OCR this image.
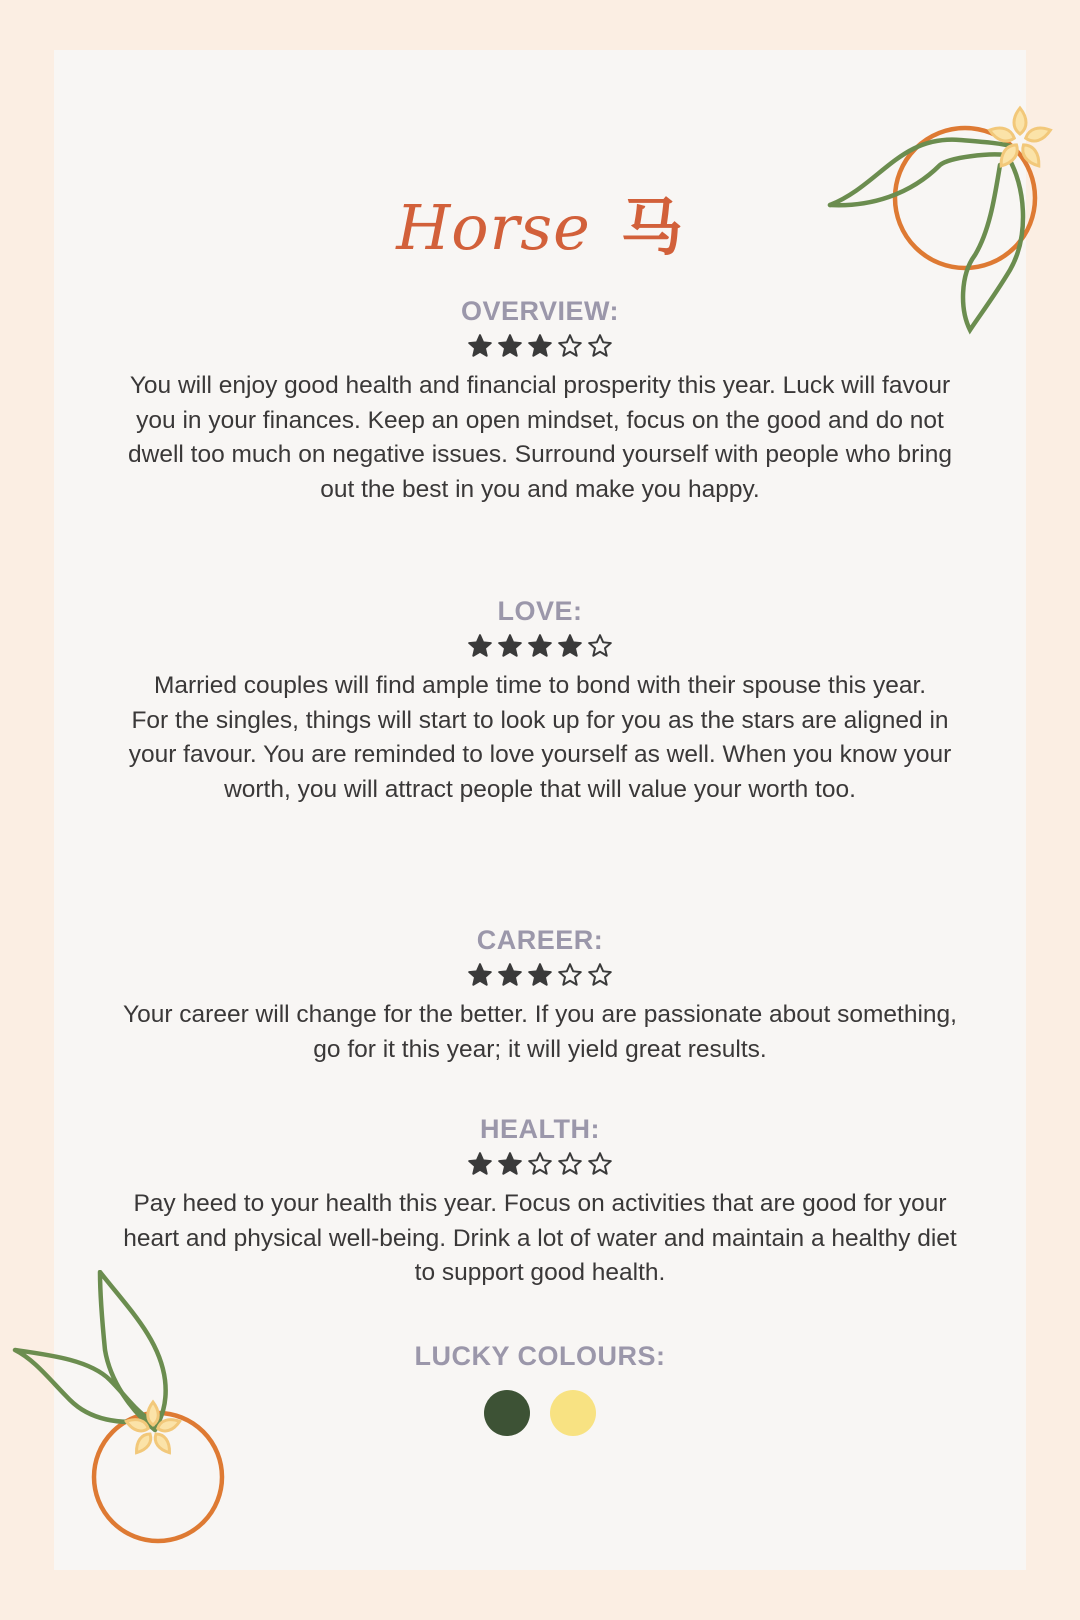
Horse 马
OVERVIEW:

You will enjoy good health and financial prosperity this year. Luck will favour you in your finances. Keep an open mindset, focus on the good and do not dwell too much on negative issues. Surround yourself with people who bring out the best in you and make you happy.

LOVE:

Married couples will find ample time to bond with their spouse this year.

For the singles, things will start to look up for you as the stars are aligned in your favour. You are reminded to love yourself as well. When you know your worth, you will attract people that will value your worth too.

CAREER:

Your career will change for the better. If you are passionate about something, go for it this year; it will yield great results.

HEALTH:

Pay heed to your health this year. Focus on activities that are good for your heart and physical well-being. Drink a lot of water and maintain a healthy diet to support good health.

LUCKY COLOURS:
